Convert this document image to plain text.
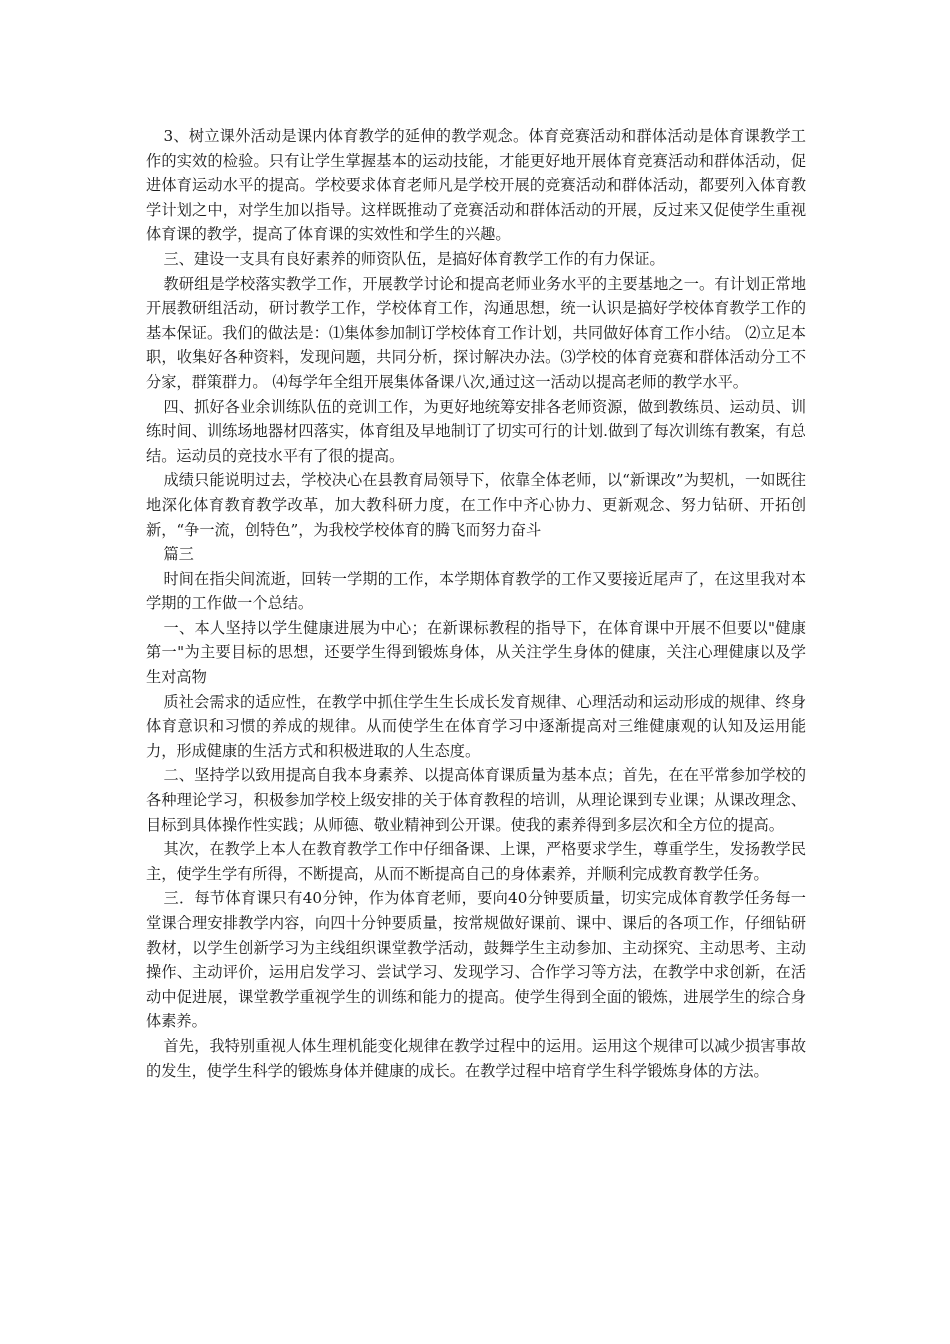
3、树立课外活动是课内体育教学的延伸的教学观念。体育竞赛活动和群体活动是体育课教学工作的实效的检验。只有让学生掌握基本的运动技能，才能更好地开展体育竞赛活动和群体活动，促进体育运动水平的提高。学校要求体育老师凡是学校开展的竞赛活动和群体活动，都要列入体育教学计划之中，对学生加以指导。这样既推动了竞赛活动和群体活动的开展，反过来又促使学生重视体育课的教学，提高了体育课的实效性和学生的兴趣。

三、建设一支具有良好素养的师资队伍，是搞好体育教学工作的有力保证。

教研组是学校落实教学工作，开展教学讨论和提高老师业务水平的主要基地之一。有计划正常地开展教研组活动，研讨教学工作，学校体育工作，沟通思想，统一认识是搞好学校体育教学工作的基本保证。我们的做法是：⑴集体参加制订学校体育工作计划，共同做好体育工作小结。 ⑵立足本职，收集好各种资料，发现问题，共同分析，探讨解决办法。⑶学校的体育竞赛和群体活动分工不分家，群策群力。 ⑷每学年全组开展集体备课八次,通过这一活动以提高老师的教学水平。

四、抓好各业余训练队伍的竞训工作，为更好地统筹安排各老师资源，做到教练员、运动员、训练时间、训练场地器材四落实，体育组及早地制订了切实可行的计划.做到了每次训练有教案，有总结。运动员的竞技水平有了很的提高。

成绩只能说明过去，学校决心在县教育局领导下，依靠全体老师，以“新课改”为契机，一如既往地深化体育教育教学改革，加大教科研力度，在工作中齐心协力、更新观念、努力钻研、开拓创新，“争一流，创特色”，为我校学校体育的腾飞而努力奋斗

篇三

时间在指尖间流逝，回转一学期的工作，本学期体育教学的工作又要接近尾声了，在这里我对本学期的工作做一个总结。

一、本人坚持以学生健康进展为中心；在新课标教程的指导下，在体育课中开展不但要以"健康第一"为主要目标的思想，还要学生得到锻炼身体，从关注学生身体的健康，关注心理健康以及学生对高物

质社会需求的适应性，在教学中抓住学生生长成长发育规律、心理活动和运动形成的规律、终身体育意识和习惯的养成的规律。从而使学生在体育学习中逐渐提高对三维健康观的认知及运用能力，形成健康的生活方式和积极进取的人生态度。

二、坚持学以致用提高自我本身素养、以提高体育课质量为基本点；首先，在在平常参加学校的各种理论学习，积极参加学校上级安排的关于体育教程的培训，从理论课到专业课；从课改理念、目标到具体操作性实践；从师德、敬业精神到公开课。使我的素养得到多层次和全方位的提高。

其次，在教学上本人在教育教学工作中仔细备课、上课，严格要求学生，尊重学生，发扬教学民主，使学生学有所得，不断提高，从而不断提高自己的身体素养，并顺利完成教育教学任务。

三．每节体育课只有40分钟，作为体育老师，要向40分钟要质量，切实完成体育教学任务每一堂课合理安排教学内容，向四十分钟要质量，按常规做好课前、课中、课后的各项工作，仔细钻研教材，以学生创新学习为主线组织课堂教学活动，鼓舞学生主动参加、主动探究、主动思考、主动操作、主动评价，运用启发学习、尝试学习、发现学习、合作学习等方法，在教学中求创新，在活动中促进展，课堂教学重视学生的训练和能力的提高。使学生得到全面的锻炼，进展学生的综合身体素养。

首先，我特别重视人体生理机能变化规律在教学过程中的运用。运用这个规律可以减少损害事故的发生，使学生科学的锻炼身体并健康的成长。在教学过程中培育学生科学锻炼身体的方法。
